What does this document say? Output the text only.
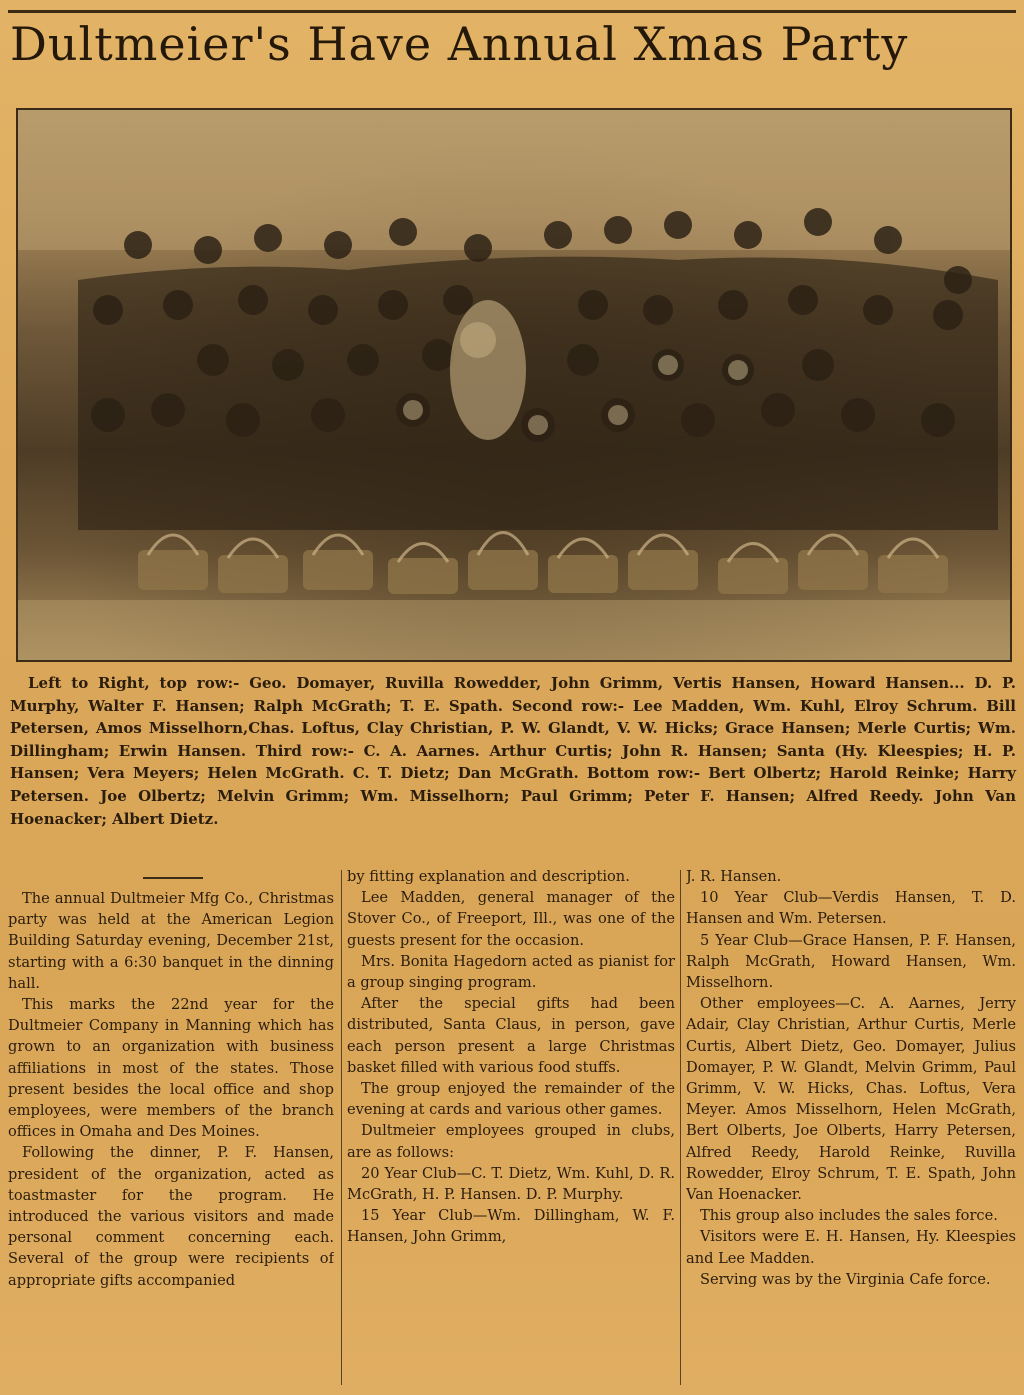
Dultmeier's Have Annual Xmas Party
Left to Right, top row:- Geo. Domayer, Ruvilla Rowedder, John Grimm, Vertis Hansen, Howard Hansen... D. P. Murphy, Walter F. Hansen; Ralph McGrath; T. E. Spath. Second row:- Lee Madden, Wm. Kuhl, Elroy Schrum. Bill Petersen, Amos Misselhorn,Chas. Loftus, Clay Christian, P. W. Glandt, V. W. Hicks; Grace Hansen; Merle Curtis; Wm. Dillingham; Erwin Hansen. Third row:- C. A. Aarnes. Arthur Curtis; John R. Hansen; Santa (Hy. Kleespies; H. P. Hansen; Vera Meyers; Helen McGrath. C. T. Dietz; Dan McGrath. Bottom row:- Bert Olbertz; Harold Reinke; Harry Petersen. Joe Olbertz; Melvin Grimm; Wm. Misselhorn; Paul Grimm; Peter F. Hansen; Alfred Reedy. John Van Hoenacker; Albert Dietz.

The annual Dultmeier Mfg Co., Christmas party was held at the American Legion Building Saturday evening, December 21st, starting with a 6:30 banquet in the dinning hall.

This marks the 22nd year for the Dultmeier Company in Manning which has grown to an organization with business affiliations in most of the states. Those present besides the local office and shop employees, were members of the branch offices in Omaha and Des Moines.

Following the dinner, P. F. Hansen, president of the organization, acted as toastmaster for the program. He introduced the various visitors and made personal comment concerning each. Several of the group were recipients of appropriate gifts accompanied

by fitting explanation and description.

Lee Madden, general manager of the Stover Co., of Freeport, Ill., was one of the guests present for the occasion.

Mrs. Bonita Hagedorn acted as pianist for a group singing program.

After the special gifts had been distributed, Santa Claus, in person, gave each person present a large Christmas basket filled with various food stuffs.

The group enjoyed the remainder of the evening at cards and various other games.

Dultmeier employees grouped in clubs, are as follows:

20 Year Club—C. T. Dietz, Wm. Kuhl, D. R. McGrath, H. P. Hansen. D. P. Murphy.

15 Year Club—Wm. Dillingham, W. F. Hansen, John Grimm,

J. R. Hansen.

10 Year Club—Verdis Hansen, T. D. Hansen and Wm. Petersen.

5 Year Club—Grace Hansen, P. F. Hansen, Ralph McGrath, Howard Hansen, Wm. Misselhorn.

Other employees—C. A. Aarnes, Jerry Adair, Clay Christian, Arthur Curtis, Merle Curtis, Albert Dietz, Geo. Domayer, Julius Domayer, P. W. Glandt, Melvin Grimm, Paul Grimm, V. W. Hicks, Chas. Loftus, Vera Meyer. Amos Misselhorn, Helen McGrath, Bert Olberts, Joe Olberts, Harry Petersen, Alfred Reedy, Harold Reinke, Ruvilla Rowedder, Elroy Schrum, T. E. Spath, John Van Hoenacker.

This group also includes the sales force.

Visitors were E. H. Hansen, Hy. Kleespies and Lee Madden.

Serving was by the Virginia Cafe force.
